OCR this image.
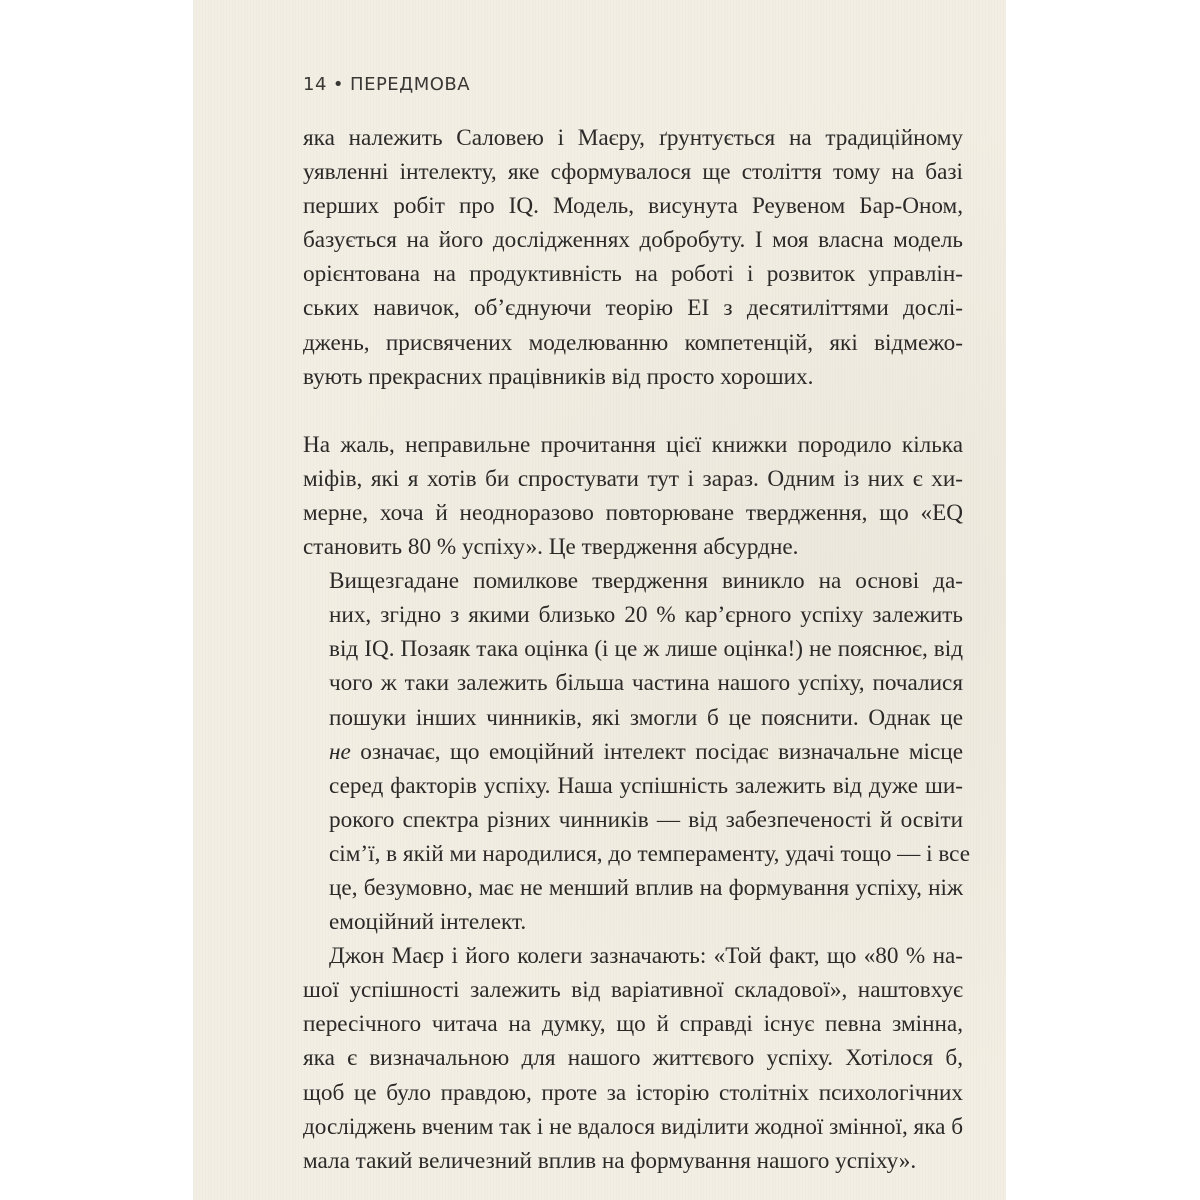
14 • ПЕРЕДМОВА

яка належить Саловею і Маєру, ґрунтується на традиційному
уявленні інтелекту, яке сформувалося ще століття тому на базі
перших робіт про IQ. Модель, висунута Реувеном Бар-Оном,
базується на його дослідженнях добробуту. І моя власна модель
орієнтована на продуктивність на роботі і розвиток управлін-
ських навичок, об’єднуючи теорію EI з десятиліттями дослі-
джень, присвячених моделюванню компетенцій, які відмежо-
вують прекрасних працівників від просто хороших.

На жаль, неправильне прочитання цієї книжки породило кілька
міфів, які я хотів би спростувати тут і зараз. Одним із них є хи-
мерне, хоча й неодноразово повторюване твердження, що «EQ
становить 80 % успіху». Це твердження абсурдне.

Вищезгадане помилкове твердження виникло на основі да-
них, згідно з якими близько 20 % кар’єрного успіху залежить
від IQ. Позаяк така оцінка (і це ж лише оцінка!) не пояснює, від
чого ж таки залежить більша частина нашого успіху, почалися
пошуки інших чинників, які змогли б це пояснити. Однак це
не означає, що емоційний інтелект посідає визначальне місце
серед факторів успіху. Наша успішність залежить від дуже ши-
рокого спектра різних чинників — від забезпеченості й освіти
сім’ї, в якій ми народилися, до темпераменту, удачі тощо — і все
це, безумовно, має не менший вплив на формування успіху, ніж
емоційний інтелект.

Джон Маєр і його колеги зазначають: «Той факт, що «80 % на-
шої успішності залежить від варіативної складової», наштовхує
пересічного читача на думку, що й справді існує певна змінна,
яка є визначальною для нашого життєвого успіху. Хотілося б,
щоб це було правдою, проте за історію столітніх психологічних
досліджень вченим так і не вдалося виділити жодної змінної, яка б
мала такий величезний вплив на формування нашого успіху».
